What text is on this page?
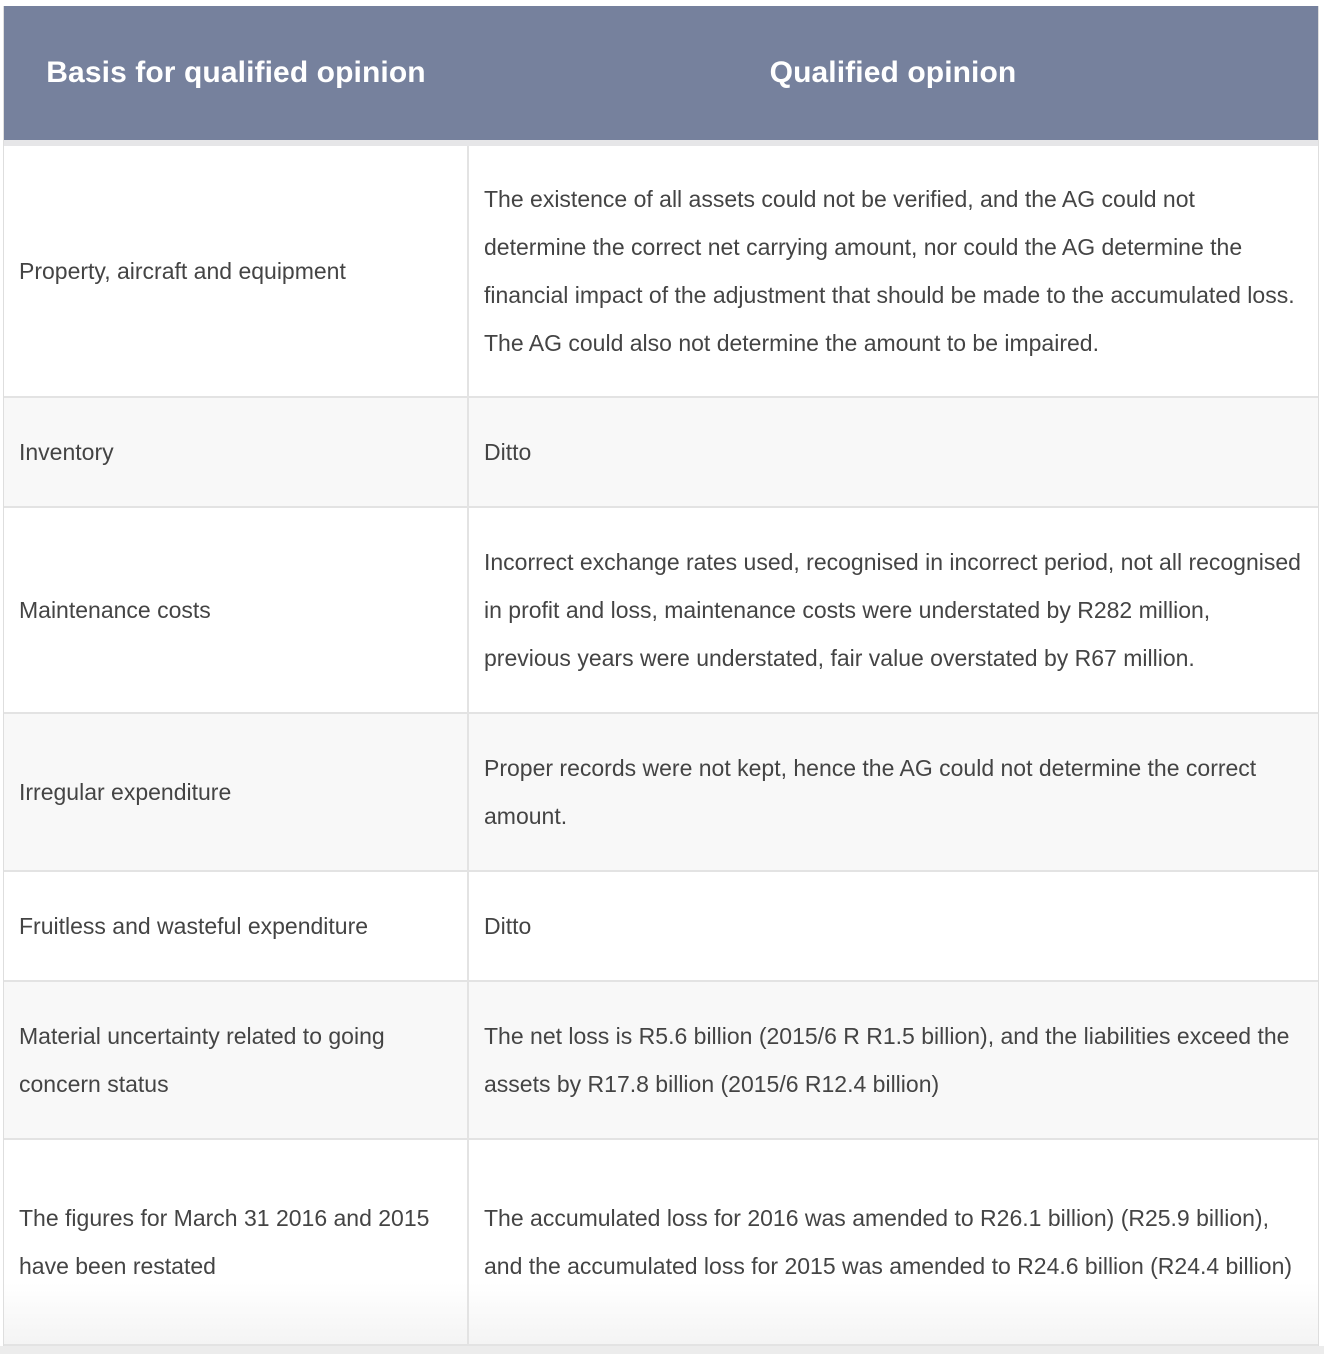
Basis for qualified opinion	Qualified opinion
Property, aircraft and equipment	The existence of all assets could not be verified, and the AG could not determine the correct net carrying amount, nor could the AG determine the financial impact of the adjustment that should be made to the accumulated loss. The AG could also not determine the amount to be impaired.
Inventory	Ditto
Maintenance costs	Incorrect exchange rates used, recognised in incorrect period, not all recognised in profit and loss, maintenance costs were understated by R282 million, previous years were understated, fair value overstated by R67 million.
Irregular expenditure	Proper records were not kept, hence the AG could not determine the correct amount.
Fruitless and wasteful expenditure	Ditto
Material uncertainty related to going concern status	The net loss is R5.6 billion (2015/6 R R1.5 billion), and the liabilities exceed the assets by R17.8 billion (2015/6 R12.4 billion)
The figures for March 31 2016 and 2015 have been restated	The accumulated loss for 2016 was amended to R26.1 billion) (R25.9 billion), and the accumulated loss for 2015 was amended to R24.6 billion (R24.4 billion)
